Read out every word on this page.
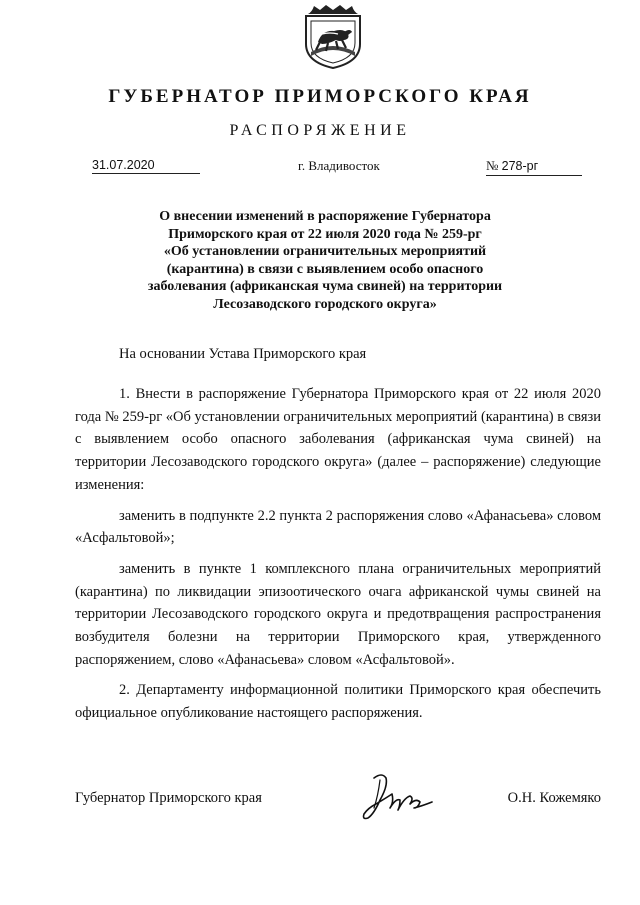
ГУБЕРНАТОР ПРИМОРСКОГО КРАЯ
РАСПОРЯЖЕНИЕ
31.07.2020	г. Владивосток	№ 278-рг
О внесении изменений в распоряжение Губернатора
Приморского края от 22 июля 2020 года № 259-рг
«Об установлении ограничительных мероприятий
(карантина) в связи с выявлением особо опасного
заболевания (африканская чума свиней) на территории
Лесозаводского городского округа»
На основании Устава Приморского края

1. Внести в распоряжение Губернатора Приморского края от 22 июля 2020 года № 259-рг «Об установлении ограничительных мероприятий (карантина) в связи с выявлением особо опасного заболевания (африканская чума свиней) на территории Лесозаводского городского округа» (далее – распоряжение) следующие изменения:

заменить в подпункте 2.2 пункта 2 распоряжения слово «Афанасьева» словом «Асфальтовой»;

заменить в пункте 1 комплексного плана ограничительных мероприятий (карантина) по ликвидации эпизоотического очага африканской чумы свиней на территории Лесозаводского городского округа и предотвращения распространения возбудителя болезни на территории Приморского края, утвержденного распоряжением, слово «Афанасьева» словом «Асфальтовой».

2. Департаменту информационной политики Приморского края обеспечить официальное опубликование настоящего распоряжения.

Губернатор Приморского края	О.Н. Кожемяко
